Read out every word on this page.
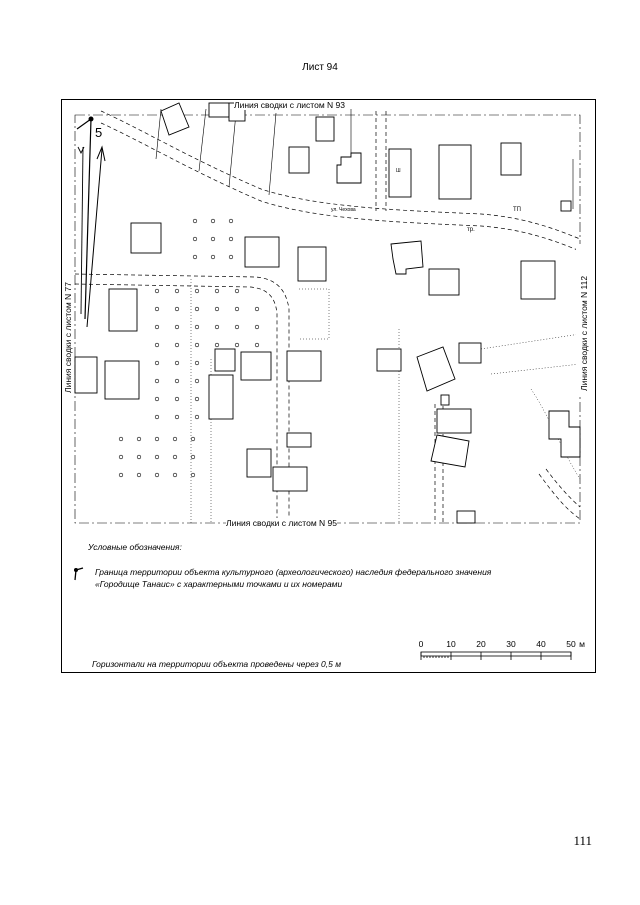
Лист 94
5
ул. Чехова
тр.
ТП
Ш
Линия сводки с листом N 77	Линия сводки с листом N 112
0	10 20 30 40 50 м
Линия сводки с листом N 93
Линия сводки с листом N 95
Условные обозначения:
Граница территории объекта культурного (археологического) наследия федерального значения «Городище Танаис» с характерными точками и их номерами
Горизонтали на территории объекта проведены через 0,5 м
111
